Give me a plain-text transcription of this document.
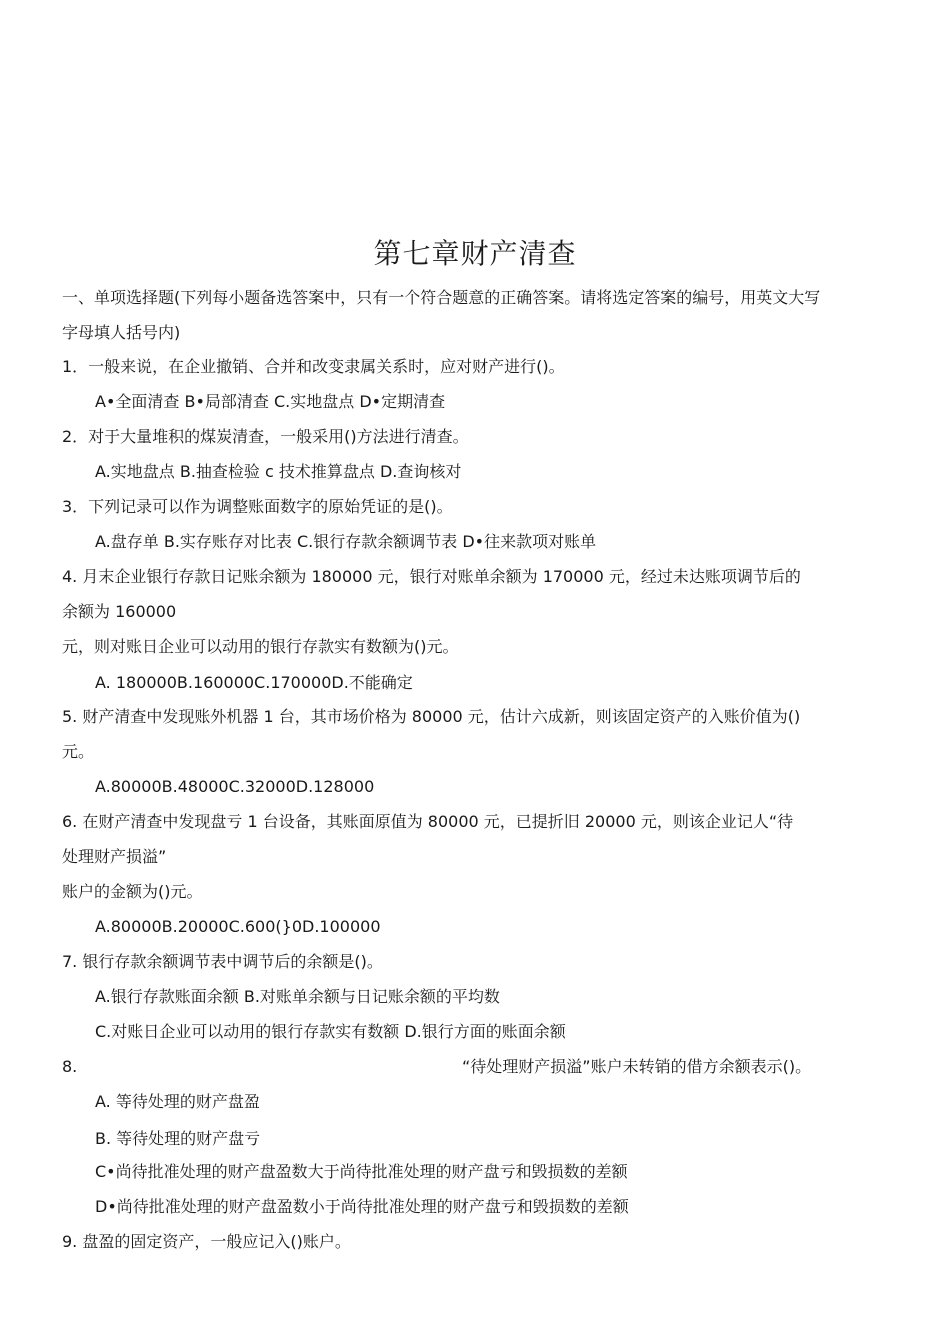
第七章财产清查
一、单项选择题(下列每小题备选答案中，只有一个符合题意的正确答案。请将选定答案的编号，用英文大写
字母填人括号内)
1．一般来说，在企业撤销、合并和改变隶属关系时，应对财产进行()。
A•全面清查 B•局部清查 C.实地盘点 D•定期清查
2．对于大量堆积的煤炭清查，一般采用()方法进行清查。
A.实地盘点 B.抽查检验 c 技术推算盘点 D.查询核对
3．下列记录可以作为调整账面数字的原始凭证的是()。
A.盘存单 B.实存账存对比表 C.银行存款余额调节表 D•往来款项对账单
4. 月末企业银行存款日记账余额为 180000 元，银行对账单余额为 170000 元，经过未达账项调节后的
余额为 160000
元，则对账日企业可以动用的银行存款实有数额为()元。
A. 180000B.160000C.170000D.不能确定
5. 财产清查中发现账外机器 1 台，其市场价格为 80000 元，估计六成新，则该固定资产的入账价值为()
元。
A.80000B.48000C.32000D.128000
6. 在财产清查中发现盘亏 1 台设备，其账面原值为 80000 元，已提折旧 20000 元，则该企业记人“待
处理财产损溢”
账户的金额为()元。
A.80000B.20000C.600(}0D.100000
7. 银行存款余额调节表中调节后的余额是()。
A.银行存款账面余额 B.对账单余额与日记账余额的平均数
C.对账日企业可以动用的银行存款实有数额 D.银行方面的账面余额
8.	“待处理财产损溢”账户未转销的借方余额表示()。
A. 等待处理的财产盘盈
B. 等待处理的财产盘亏
C•尚待批准处理的财产盘盈数大于尚待批准处理的财产盘亏和毁损数的差额
D•尚待批准处理的财产盘盈数小于尚待批准处理的财产盘亏和毁损数的差额
9. 盘盈的固定资产，一般应记入()账户。
